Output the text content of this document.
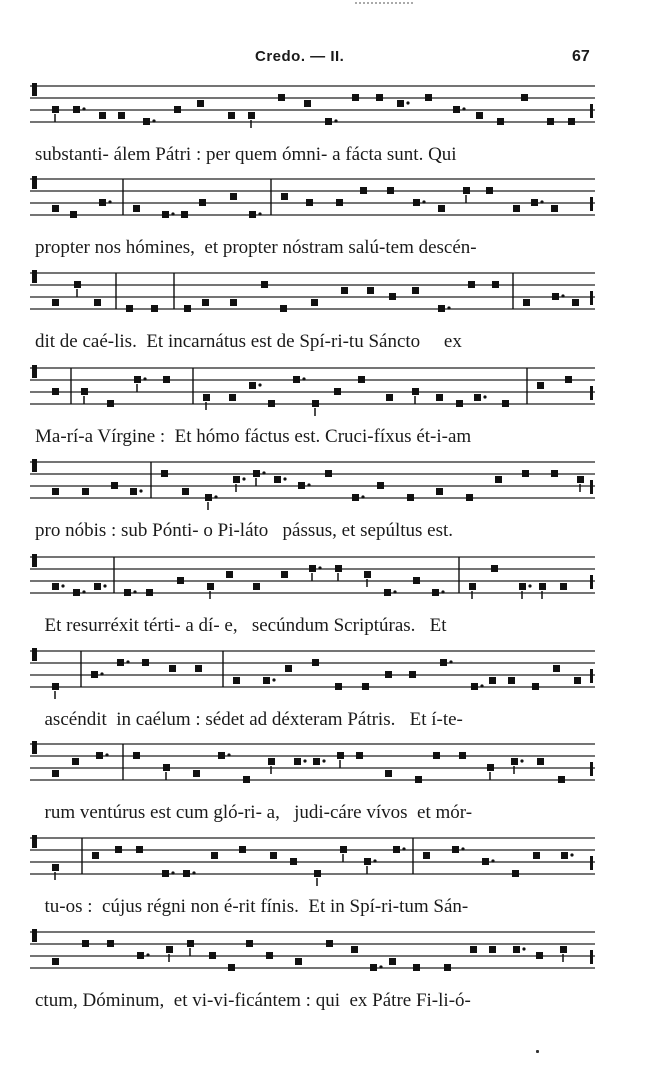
Credo. — II.	67
substanti- álem Pátri : per quem ómni- a fácta sunt. Qui
propter nos hómines,  et propter nóstram salú-tem descén-
dit de caé-lis.  Et incarnátus est de Spí-ri-tu Sáncto     ex
Ma-rí-a Vírgine :  Et hómo fáctus est. Cruci-fíxus ét-i-am
pro nóbis : sub Pónti- o Pi-láto   pássus, et sepúltus est.
Et resurréxit térti- a dí- e,   secúndum Scriptúras.   Et
ascéndit  in caélum : sédet ad déxteram Pátris.   Et í-te-
rum ventúrus est cum gló-ri- a,   judi-cáre vívos  et mór-
tu-os :  cújus régni non é-rit fínis.  Et in Spí-ri-tum Sán-
ctum, Dóminum,  et vi-vi-ficántem : qui  ex Pátre Fi-li-ó-
